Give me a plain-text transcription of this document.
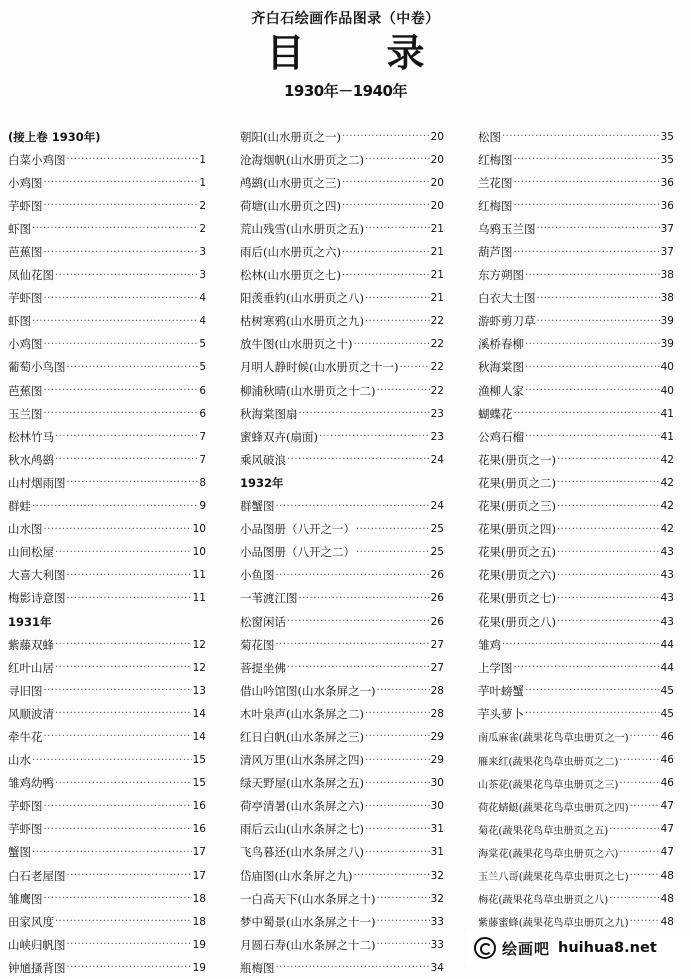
齐白石绘画作品图录（中卷）
目　录
1930年－1940年
(接上卷 1930年)
白菜小鸡图 ·····	1
小鸡图 ·····	1
芋虾图 ·····	2
虾图 ·····	2
芭蕉图 ·····	3
凤仙花图 ·····	3
芋虾图 ·····	4
虾图 ·····	4
小鸡图 ·····	5
葡萄小鸟图 ·····	5
芭蕉图 ·····	6
玉兰图 ·····	6
松林竹马 ·····	7
秋水鸬鹚 ·····	7
山村烟雨图 ·····	8
群蛙 ·····	9
山水图 ·····	10
山间松屋 ·····	10
大喜大利图 ·····	11
梅影诗意图 ·····	11
1931年
紫藤双蜂 ·····	12
红叶山居 ·····	12
寻旧图 ·····	13
风顺波清 ·····	14
牵牛花 ·····	14
山水 ·····	15
雏鸡幼鸭 ·····	15
芋虾图 ·····	16
芋虾图 ·····	16
蟹图 ·····	17
白石老屋图 ·····	17
雏鹰图 ·····	18
田家风度 ·····	18
山峡归帆图 ·····	19
钟馗搔背图 ·····	19
朝阳(山水册页之一) ·····	20
沧海烟帆(山水册页之二) ·····	20
鸬鹚(山水册页之三) ·····	20
荷塘(山水册页之四) ·····	20
荒山残雪(山水册页之五) ·····	21
雨后(山水册页之六) ·····	21
松林(山水册页之七) ·····	21
阳羡垂钓(山水册页之八) ·····	21
枯树寒鸦(山水册页之九) ·····	22
放牛图(山水册页之十) ·····	22
月明人静时候(山水册页之十一) ·····	22
柳浦秋晴(山水册页之十二) ·····	22
秋海棠图扇 ·····	23
蜜蜂双卉(扇面) ·····	23
乘风破浪 ·····	24
1932年
群蟹图 ·····	24
小品图册（八开之一） ·····	25
小品图册（八开之二） ·····	25
小鱼图 ·····	26
一苇渡江图 ·····	26
松窗闲话 ·····	26
菊花图 ·····	27
菩提坐佛 ·····	27
借山吟馆图(山水条屏之一) ·····	28
木叶泉声(山水条屏之二) ·····	28
红日白帆(山水条屏之三) ·····	29
清风万里(山水条屏之四) ·····	29
绿天野屋(山水条屏之五) ·····	30
荷亭清暑(山水条屏之六) ·····	30
雨后云山(山水条屏之七) ·····	31
飞鸟暮还(山水条屏之八) ·····	31
岱庙图(山水条屏之九) ·····	32
一白高天下(山水条屏之十) ·····	32
梦中蜀景(山水条屏之十一) ·····	33
月圆石寿(山水条屏之十二) ·····	33
瓶梅图 ·····	34
松图 ·····	35
红梅图 ·····	35
兰花图 ·····	36
红梅图 ·····	36
乌鸦玉兰图 ·····	37
葫芦图 ·····	37
东方朔图 ·····	38
白衣大士图 ·····	38
游虾剪刀草 ·····	39
溪桥春柳 ·····	39
秋海棠图 ·····	40
渔柳人家 ·····	40
蝴蝶花 ·····	41
公鸡石榴 ·····	41
花果(册页之一) ·····	42
花果(册页之二) ·····	42
花果(册页之三) ·····	42
花果(册页之四) ·····	42
花果(册页之五) ·····	43
花果(册页之六) ·····	43
花果(册页之七) ·····	43
花果(册页之八) ·····	43
雏鸡 ·····	44
上学图 ·····	44
芋叶螃蟹 ·····	45
芋头萝卜 ·····	45
南瓜麻雀(蔬果花鸟草虫册页之一) ·····	46
雁来红(蔬果花鸟草虫册页之二) ·····	46
山茶花(蔬果花鸟草虫册页之三) ·····	46
荷花蜻蜓(蔬果花鸟草虫册页之四) ·····	47
菊花(蔬果花鸟草虫册页之五) ·····	47
海棠花(蔬果花鸟草虫册页之六) ·····	47
玉兰八哥(蔬果花鸟草虫册页之七) ·····	48
梅花(蔬果花鸟草虫册页之八) ·····	48
紫藤蜜蜂(蔬果花鸟草虫册页之九) ·····	48
·····
绘画吧 huihua8.net
